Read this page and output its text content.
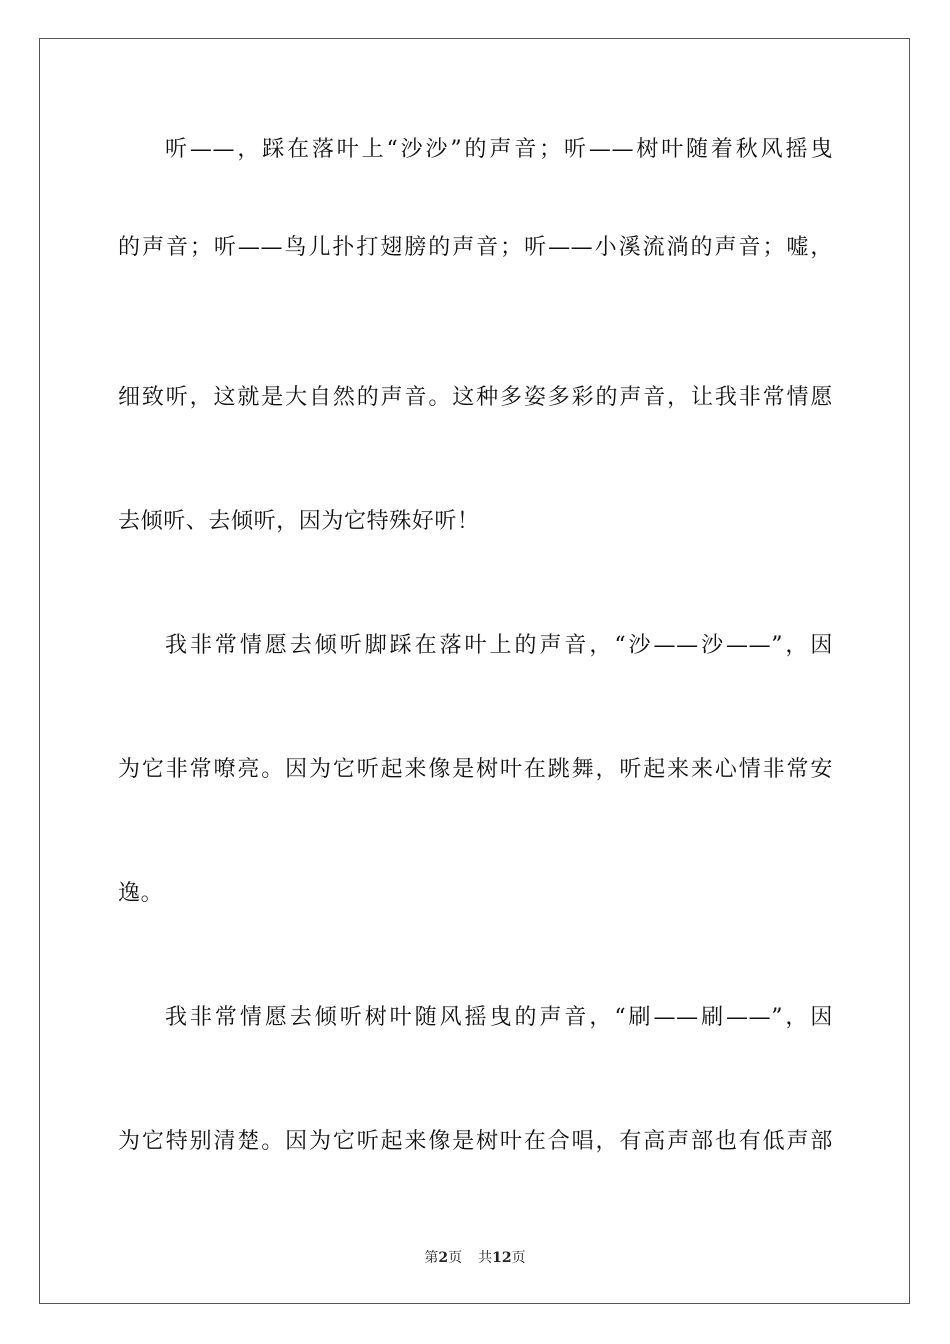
听——，踩在落叶上“沙沙”的声音；听——树叶随着秋风摇曳
的声音；听——鸟儿扑打翅膀的声音；听——小溪流淌的声音；嘘，
细致听，这就是大自然的声音。这种多姿多彩的声音，让我非常情愿
去倾听、去倾听，因为它特殊好听！
我非常情愿去倾听脚踩在落叶上的声音，“沙——沙——”，因
为它非常嘹亮。因为它听起来像是树叶在跳舞，听起来来心情非常安
逸。
我非常情愿去倾听树叶随风摇曳的声音，“刷——刷——”，因
为它特别清楚。因为它听起来像是树叶在合唱，有高声部也有低声部
第2页 共12页
